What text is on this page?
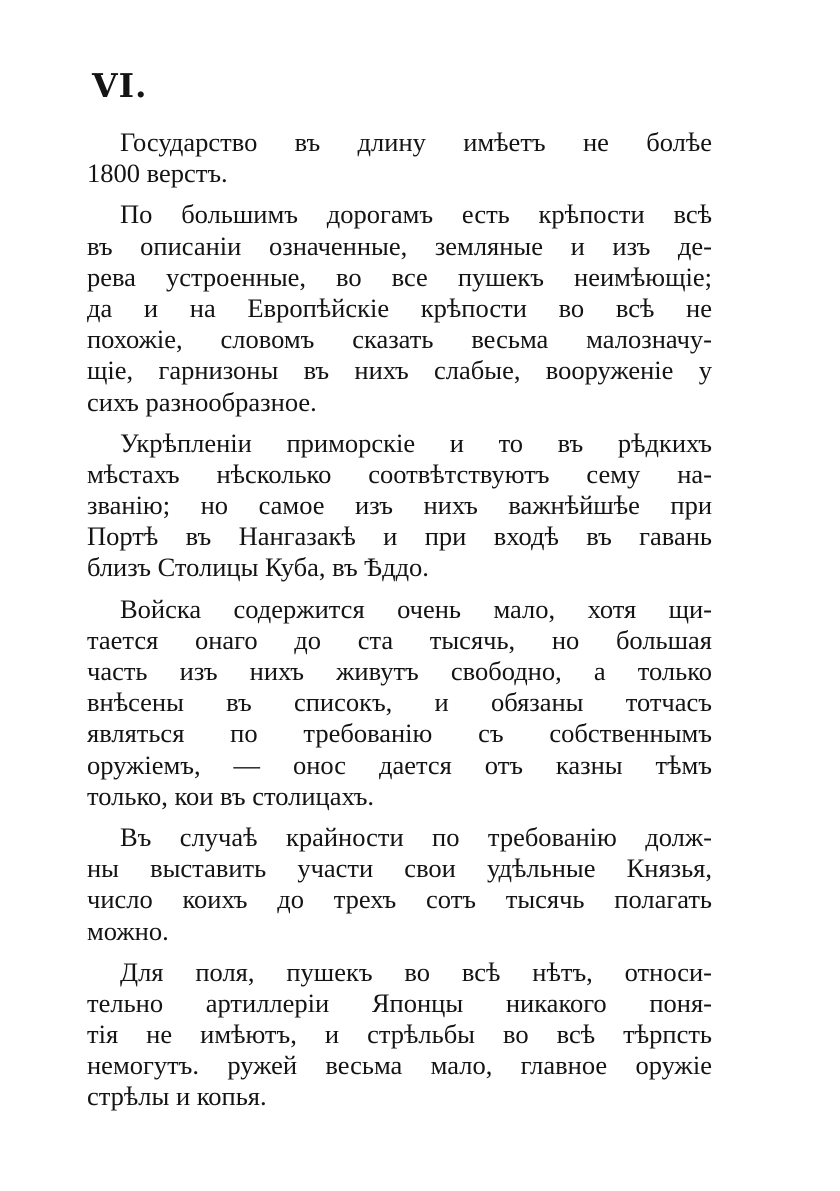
VI.
Государство въ длину имѣетъ не болѣе
1800 верстъ.
По большимъ дорогамъ есть крѣпости всѣ
въ описанiи означенные, земляные и изъ де-
рева устроенные, во все пушекъ неимѣющiе;
да и на Европѣйскiе крѣпости во всѣ не
похожiе, словомъ сказать весьма малозначу-
щiе, гарнизоны въ нихъ слабые, вооруженiе у
сихъ разнообразное.
Укрѣпленiи приморскiе и то въ рѣдкихъ
мѣстахъ нѣсколько соотвѣтствуютъ сему на-
званiю; но самое изъ нихъ важнѣйшѣе при
Портѣ въ Нангазакѣ и при входѣ въ гавань
близъ Столицы Куба, въ Ѣддо.
Войска содержится очень мало, хотя щи-
тается онаго до ста тысячь, но большая
часть изъ нихъ живутъ свободно, а только
внѣсены въ списокъ, и обязаны тотчасъ
являться по требованiю съ собственнымъ
оружiемъ, — онос дается отъ казны тѣмъ
только, кои въ столицахъ.
Въ случаѣ крайности по требованiю долж-
ны выставить участи свои удѣльные Князья,
число коихъ до трехъ сотъ тысячь полагать
можно.
Для поля, пушекъ во всѣ нѣтъ, относи-
тельно артиллерiи Японцы никакого поня-
тiя не имѣютъ, и стрѣльбы во всѣ тѣрпсть
немогутъ. ружей весьма мало, главное оружiе
стрѣлы и копья.
